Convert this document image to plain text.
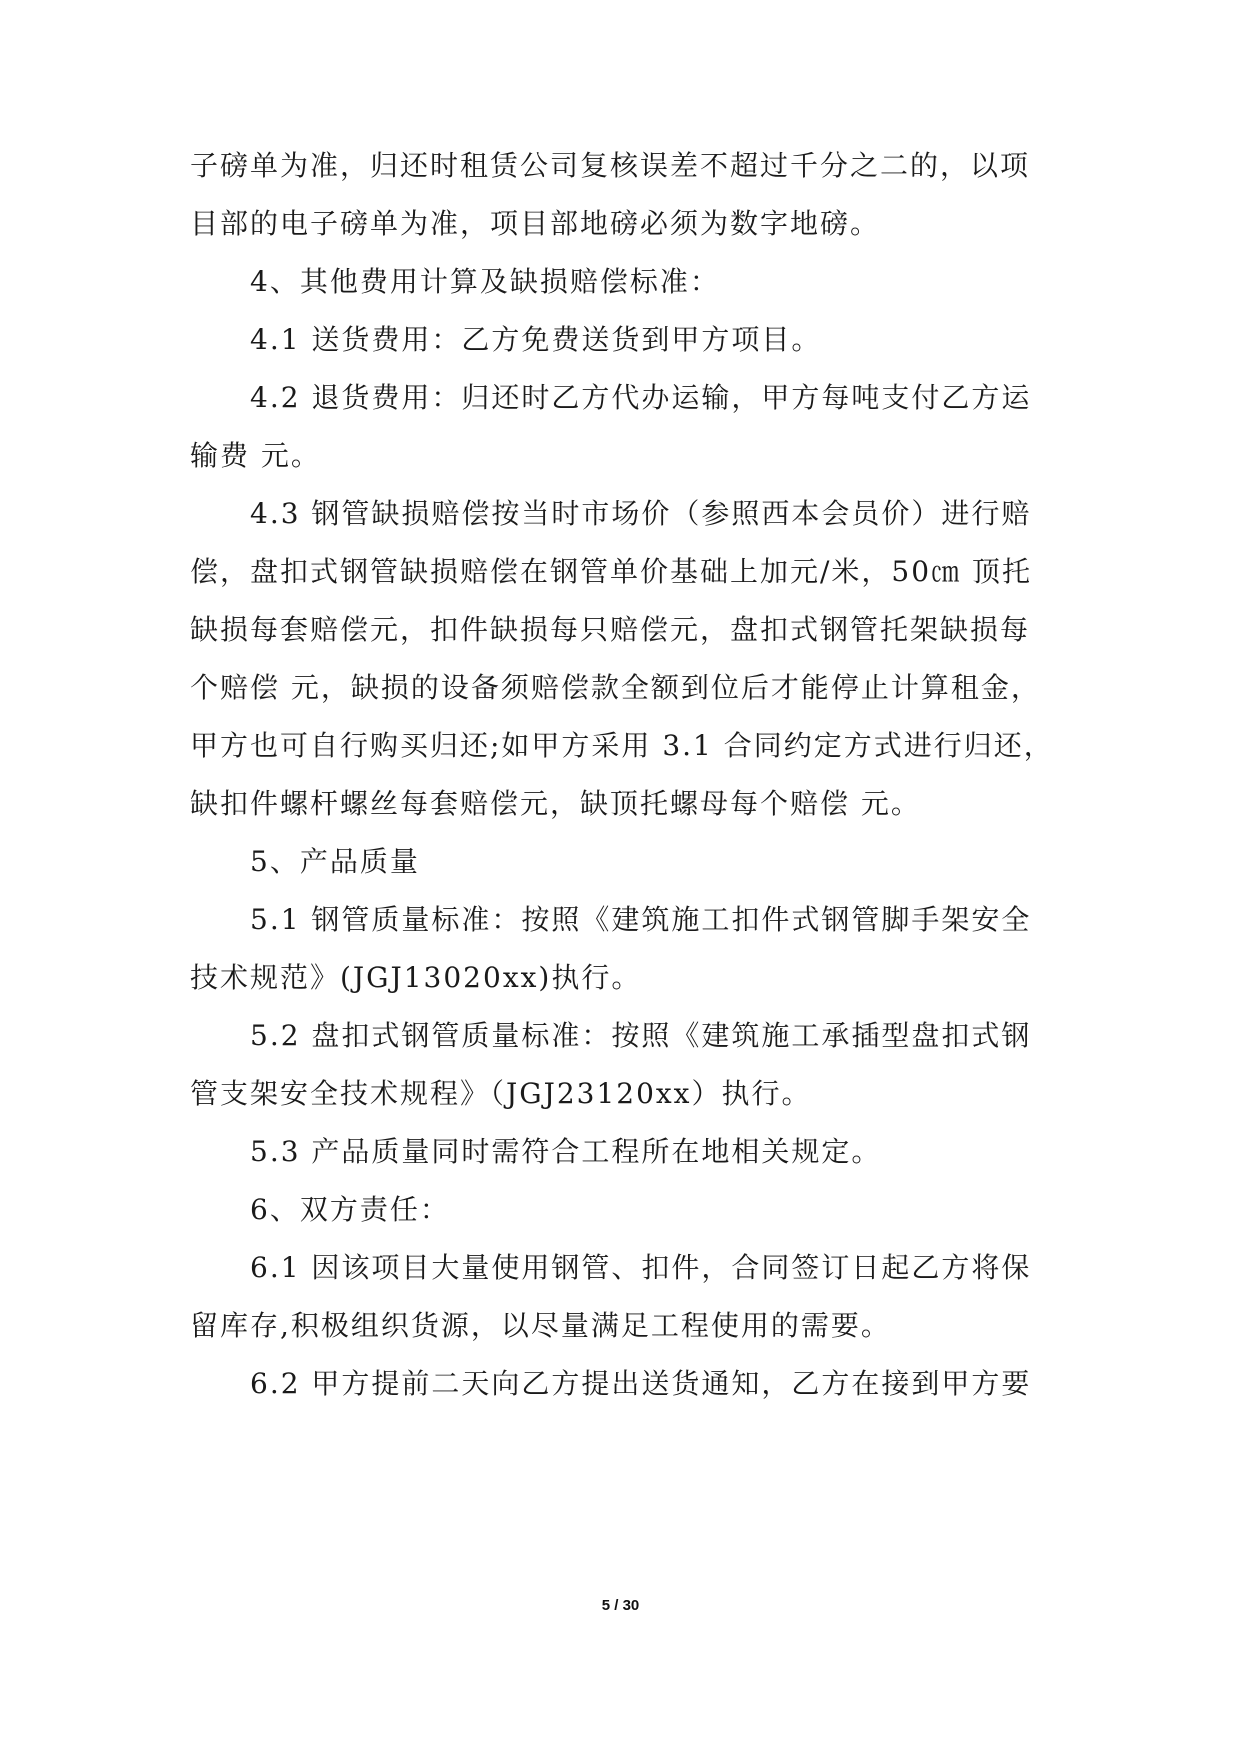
子磅单为准，归还时租赁公司复核误差不超过千分之二的，以项
目部的电子磅单为准，项目部地磅必须为数字地磅。
4、其他费用计算及缺损赔偿标准：
4.1 送货费用：乙方免费送货到甲方项目。
4.2 退货费用：归还时乙方代办运输，甲方每吨支付乙方运
输费 元。
4.3 钢管缺损赔偿按当时市场价（参照西本会员价）进行赔
偿，盘扣式钢管缺损赔偿在钢管单价基础上加元/米，50㎝ 顶托
缺损每套赔偿元，扣件缺损每只赔偿元，盘扣式钢管托架缺损每
个赔偿 元，缺损的设备须赔偿款全额到位后才能停止计算租金，
甲方也可自行购买归还;如甲方采用 3.1 合同约定方式进行归还，
缺扣件螺杆螺丝每套赔偿元，缺顶托螺母每个赔偿 元。
5、产品质量
5.1 钢管质量标准：按照《建筑施工扣件式钢管脚手架安全
技术规范》(JGJ13020xx)执行。
5.2 盘扣式钢管质量标准：按照《建筑施工承插型盘扣式钢
管支架安全技术规程》（JGJ23120xx）执行。
5.3 产品质量同时需符合工程所在地相关规定。
6、双方责任：
6.1 因该项目大量使用钢管、扣件，合同签订日起乙方将保
留库存,积极组织货源，以尽量满足工程使用的需要。
6.2 甲方提前二天向乙方提出送货通知，乙方在接到甲方要
5 / 30
